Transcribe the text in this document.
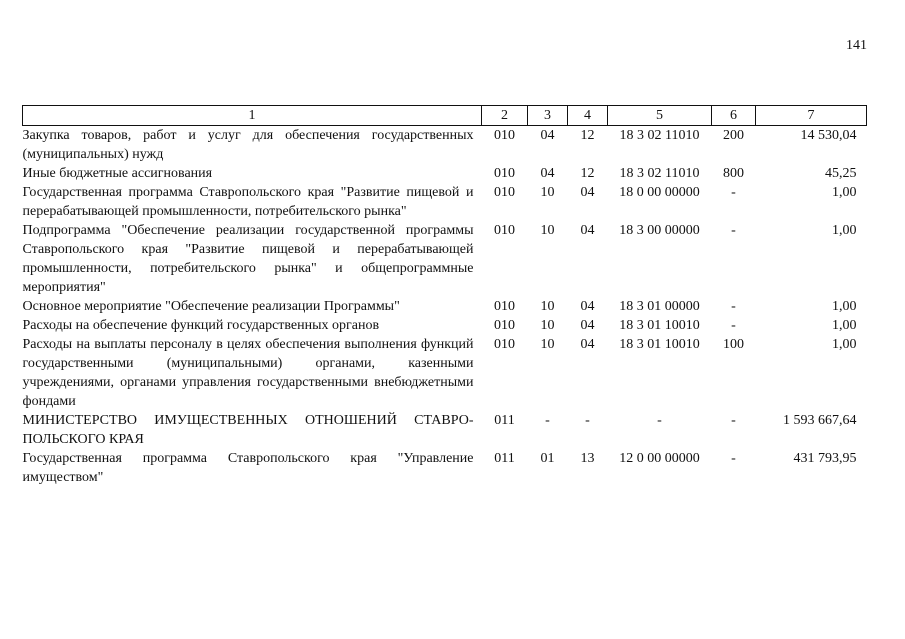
141
1	2	3	4	5	6	7
Закупка товаров, работ и услуг для обеспечения государственных (муниципальных) нужд	010	04	12	18 3 02 11010	200	14 530,04
Иные бюджетные ассигнования	010	04	12	18 3 02 11010	800	45,25
Государственная программа Ставропольского края "Развитие пищевой и перерабатывающей промышленности, потребительского рынка"	010	10	04	18 0 00 00000	-	1,00
Подпрограмма "Обеспечение реализации государственной программы Ставропольского края "Развитие пищевой и перерабатывающей промышленности, потребительского рынка" и общепрограммные мероприятия"	010	10	04	18 3 00 00000	-	1,00
Основное мероприятие "Обеспечение реализации Программы"	010	10	04	18 3 01 00000	-	1,00
Расходы на обеспечение функций государственных органов	010	10	04	18 3 01 10010	-	1,00
Расходы на выплаты персоналу в целях обеспечения выполнения функций государственными (муниципальными) органами, казенными учреждениями, органами управления государственными внебюджетными фондами	010	10	04	18 3 01 10010	100	1,00
МИНИСТЕРСТВО ИМУЩЕСТВЕННЫХ ОТНОШЕНИЙ СТАВРО-ПОЛЬСКОГО КРАЯ	011	-	-	-	-	1 593 667,64
Государственная программа Ставропольского края "Управление имуществом"	011	01	13	12 0 00 00000	-	431 793,95
